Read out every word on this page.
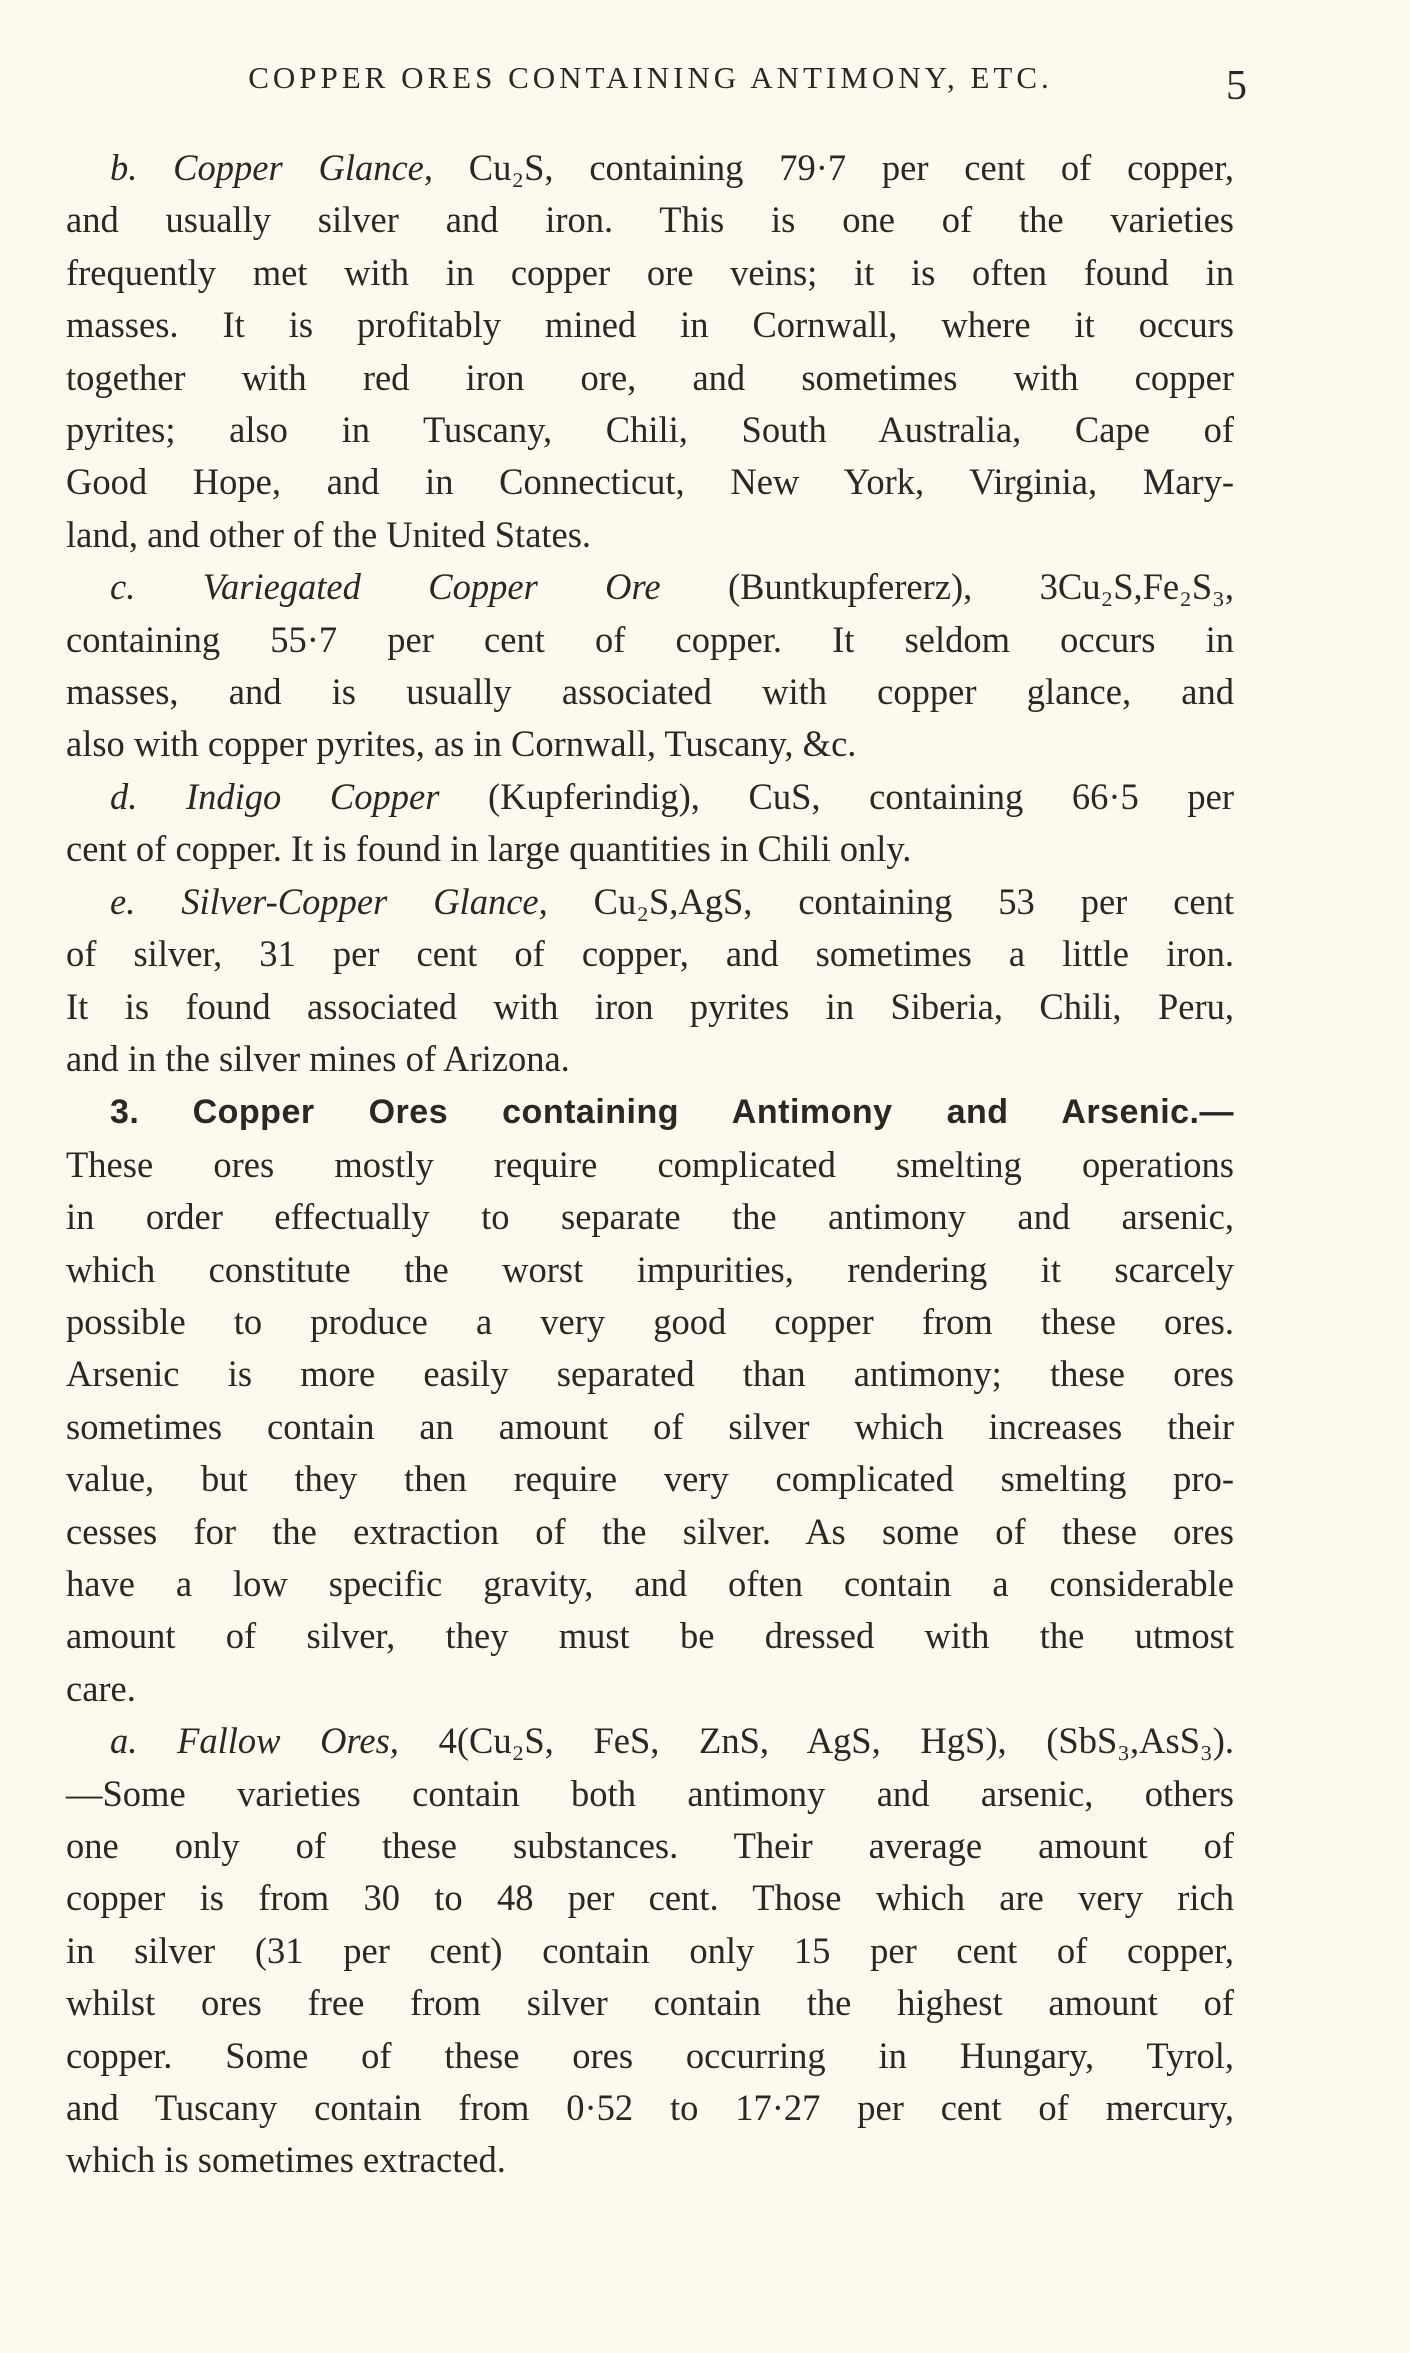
COPPER ORES CONTAINING ANTIMONY, ETC.	5
b. Copper Glance, Cu₂S, containing 79·7 per cent of copper,
and usually silver and iron. This is one of the varieties
frequently met with in copper ore veins; it is often found in
masses. It is profitably mined in Cornwall, where it occurs
together with red iron ore, and sometimes with copper
pyrites; also in Tuscany, Chili, South Australia, Cape of
Good Hope, and in Connecticut, New York, Virginia, Mary-
land, and other of the United States.
c. Variegated Copper Ore (Buntkupfererz), 3Cu₂S,Fe₂S₃,
containing 55·7 per cent of copper. It seldom occurs in
masses, and is usually associated with copper glance, and
also with copper pyrites, as in Cornwall, Tuscany, &c.
d. Indigo Copper (Kupferindig), CuS, containing 66·5 per
cent of copper. It is found in large quantities in Chili only.
e. Silver-Copper Glance, Cu₂S,AgS, containing 53 per cent
of silver, 31 per cent of copper, and sometimes a little iron.
It is found associated with iron pyrites in Siberia, Chili, Peru,
and in the silver mines of Arizona.
3. Copper Ores containing Antimony and Arsenic.—
These ores mostly require complicated smelting operations
in order effectually to separate the antimony and arsenic,
which constitute the worst impurities, rendering it scarcely
possible to produce a very good copper from these ores.
Arsenic is more easily separated than antimony; these ores
sometimes contain an amount of silver which increases their
value, but they then require very complicated smelting pro-
cesses for the extraction of the silver. As some of these ores
have a low specific gravity, and often contain a considerable
amount of silver, they must be dressed with the utmost
care.
a. Fallow Ores, 4(Cu₂S, FeS, ZnS, AgS, HgS), (SbS₃,AsS₃).
—Some varieties contain both antimony and arsenic, others
one only of these substances. Their average amount of
copper is from 30 to 48 per cent. Those which are very rich
in silver (31 per cent) contain only 15 per cent of copper,
whilst ores free from silver contain the highest amount of
copper. Some of these ores occurring in Hungary, Tyrol,
and Tuscany contain from 0·52 to 17·27 per cent of mercury,
which is sometimes extracted.
